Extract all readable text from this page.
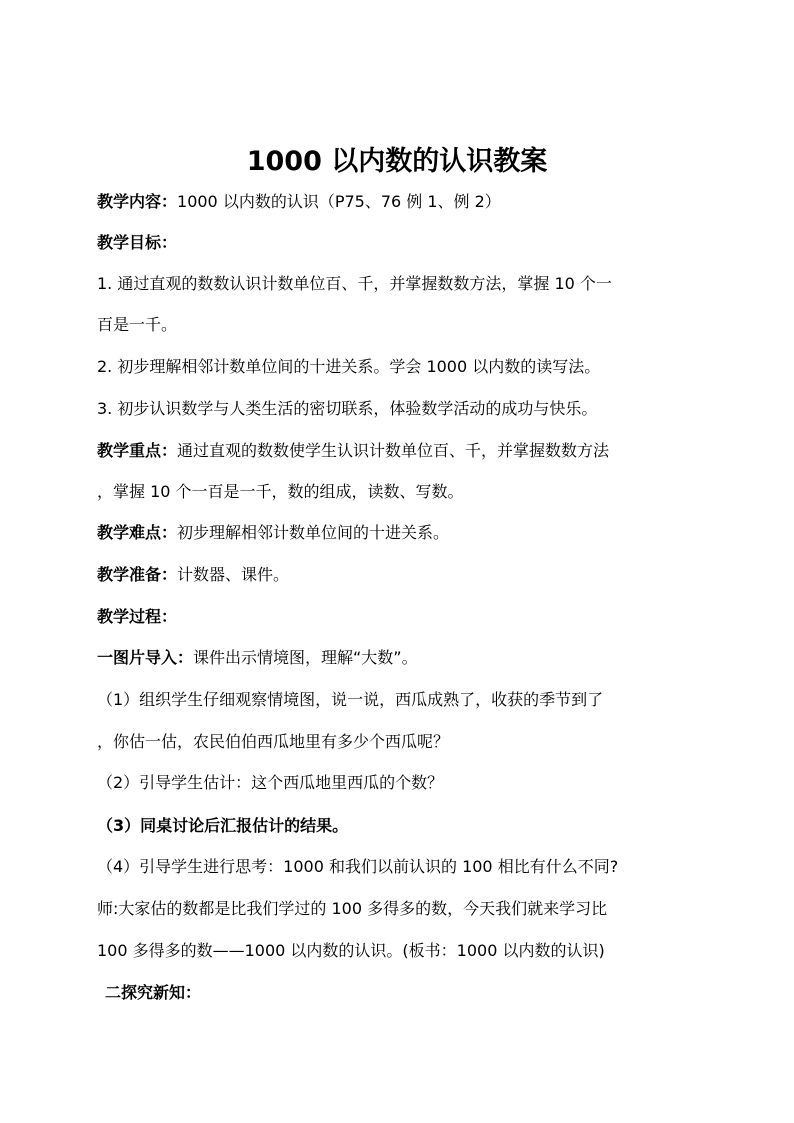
1000 以内数的认识教案
教学内容：1000 以内数的认识（P75、76 例 1、例 2）
教学目标：
1. 通过直观的数数认识计数单位百、千，并掌握数数方法，掌握 10 个一
百是一千。
2. 初步理解相邻计数单位间的十进关系。学会 1000 以内数的读写法。
3. 初步认识数学与人类生活的密切联系，体验数学活动的成功与快乐。
教学重点：通过直观的数数使学生认识计数单位百、千，并掌握数数方法
，掌握 10 个一百是一千，数的组成，读数、写数。
教学难点：初步理解相邻计数单位间的十进关系。
教学准备：计数器、课件。
教学过程：
一图片导入：课件出示情境图，理解“大数”。
（1）组织学生仔细观察情境图，说一说，西瓜成熟了，收获的季节到了
，你估一估，农民伯伯西瓜地里有多少个西瓜呢？
（2）引导学生估计：这个西瓜地里西瓜的个数？
（3）同桌讨论后汇报估计的结果。
（4）引导学生进行思考：1000 和我们以前认识的 100 相比有什么不同?
师:大家估的数都是比我们学过的 100 多得多的数，今天我们就来学习比
100 多得多的数——1000 以内数的认识。(板书：1000 以内数的认识)
二探究新知：
